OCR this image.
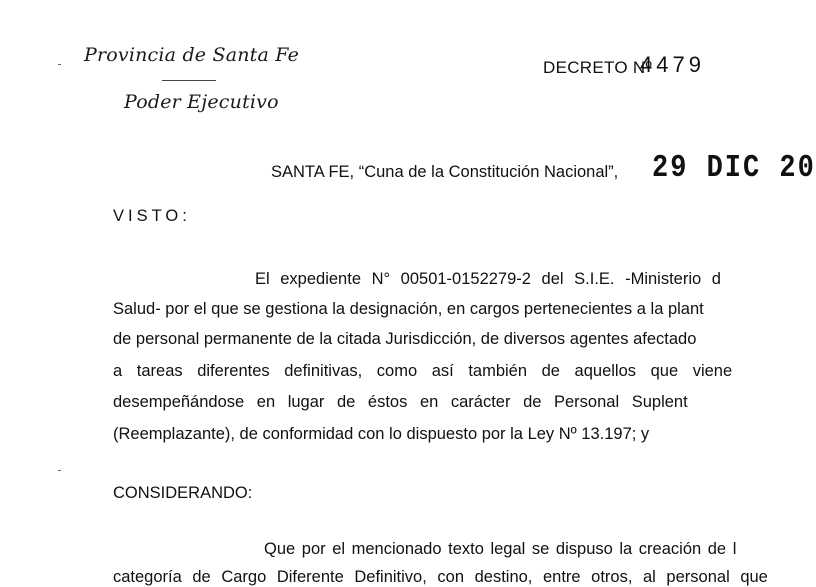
Provincia de Santa Fe
Poder Ejecutivo
DECRETO Nº
4479
SANTA FE, “Cuna de la Constitución Nacional”, 29 DIC 20
VISTO:
El expediente N° 00501-0152279-2 del S.I.E. -Ministerio d
Salud- por el que se gestiona la designación, en cargos pertenecientes a la plant
de personal permanente de la citada Jurisdicción, de diversos agentes afectado
a tareas diferentes definitivas, como así también de aquellos que viene
desempeñándose en lugar de éstos en carácter de Personal Suplent
(Reemplazante), de conformidad con lo dispuesto por la Ley Nº 13.197; y
CONSIDERANDO:
Que por el mencionado texto legal se dispuso la creación de l
categoría de Cargo Diferente Definitivo, con destino, entre otros, al personal que
